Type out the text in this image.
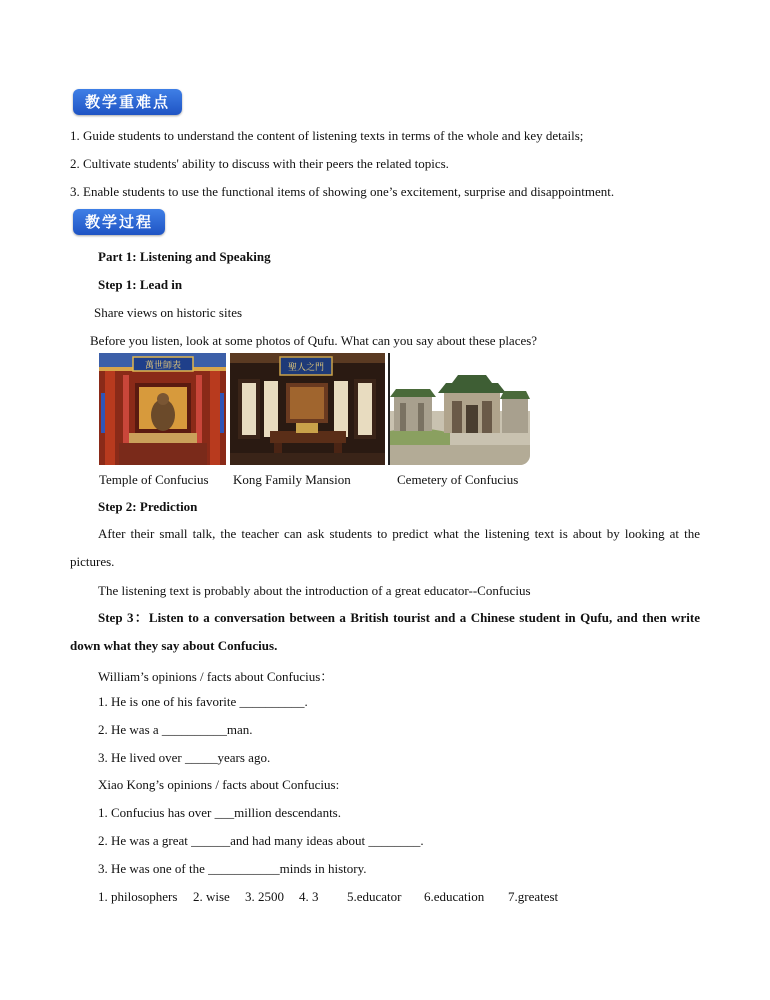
教学重难点
1. Guide students to understand the content of listening texts in terms of the whole and key details;
2. Cultivate students' ability to discuss with their peers the related topics.
3. Enable students to use the functional items of showing one’s excitement, surprise and disappointment.
教学过程
Part 1: Listening and Speaking
Step 1: Lead in
Share views on historic sites
Before you listen, look at some photos of Qufu. What can you say about these places?
萬世師表	聖人之門
Temple of Confucius Kong Family Mansion	Cemetery of Confucius
Step 2: Prediction
After their small talk, the teacher can ask students to predict what the listening text is about by looking at the pictures.
The listening text is probably about the introduction of a great educator--Confucius
Step 3：Listen to a conversation between a British tourist and a Chinese student in Qufu, and then write down what they say about Confucius.
William’s opinions / facts about Confucius：
1. He is one of his favorite __________.
2. He was a __________man.
3. He lived over _____years ago.
Xiao Kong’s opinions / facts about Confucius:
1. Confucius has over ___million descendants.
2. He was a great ______and had many ideas about ________.
3. He was one of the ___________minds in history.
1. philosophers 2. wise 3. 2500 4. 3 5.educator 6.education 7.greatest
